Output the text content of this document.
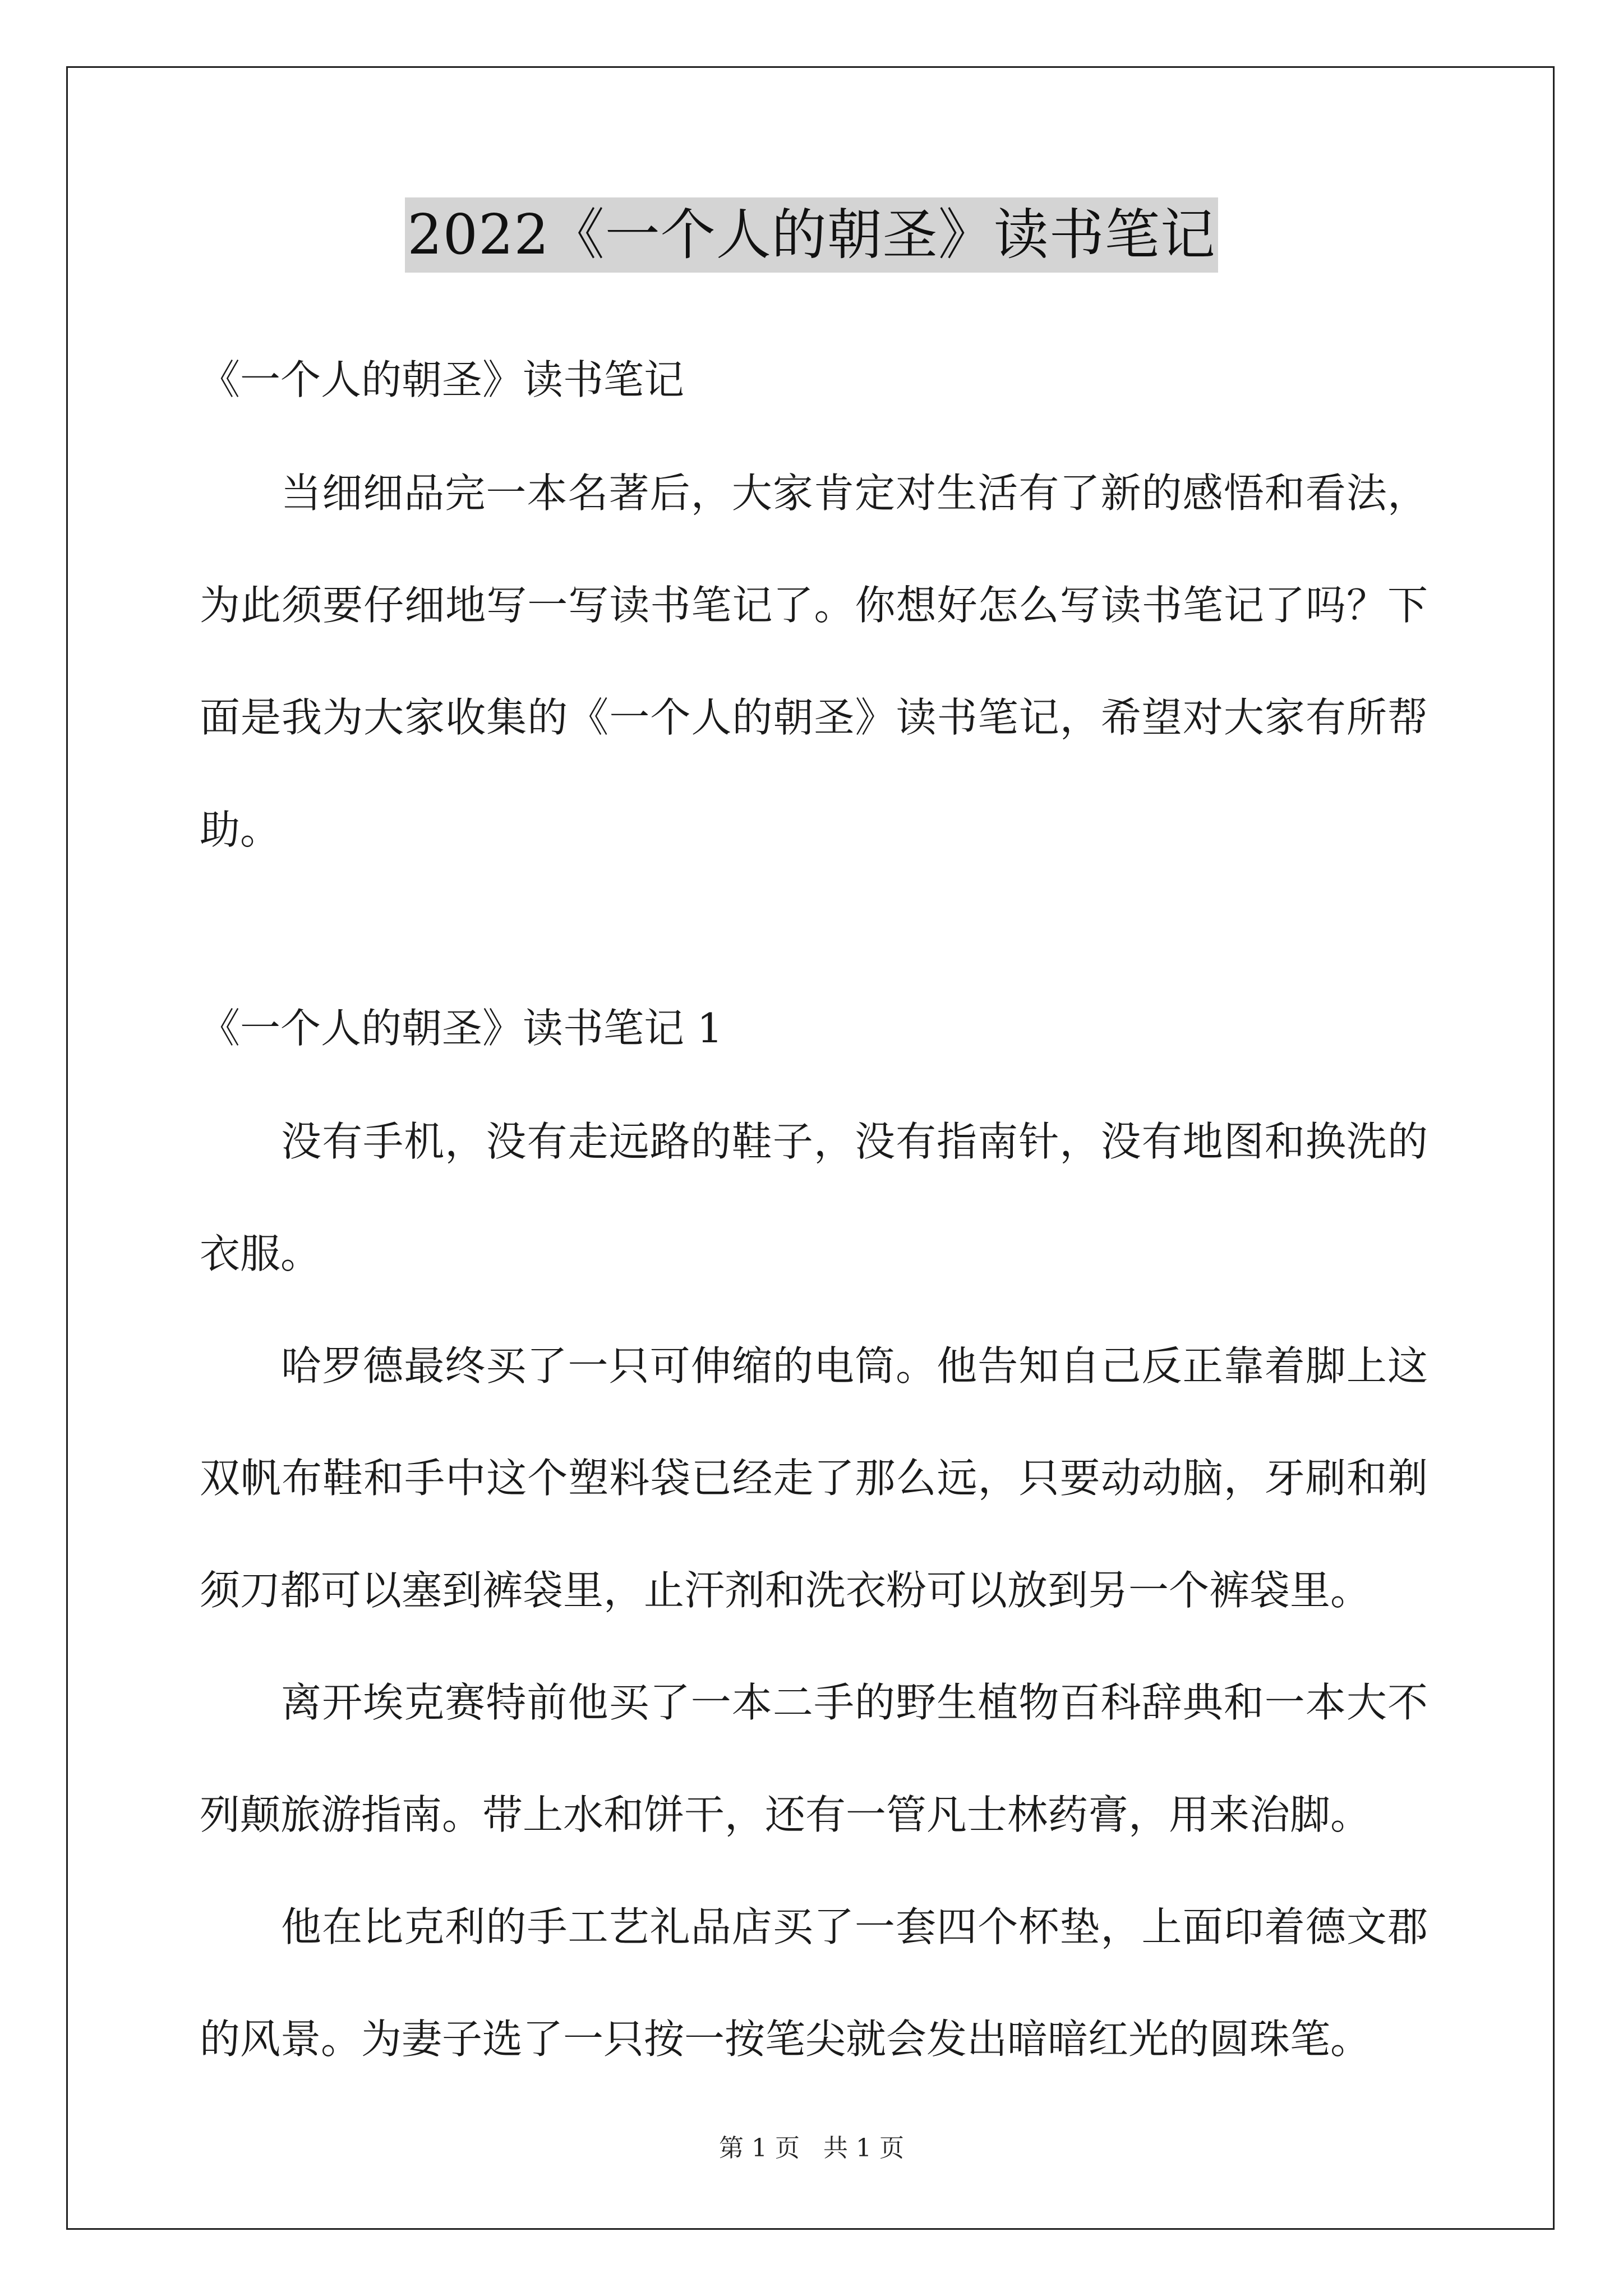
2022《一个人的朝圣》读书笔记
《一个人的朝圣》读书笔记
当细细品完一本名著后，大家肯定对生活有了新的感悟和看法，
为此须要仔细地写一写读书笔记了。你想好怎么写读书笔记了吗？下
面是我为大家收集的《一个人的朝圣》读书笔记，希望对大家有所帮
助。
《一个人的朝圣》读书笔记 1
没有手机，没有走远路的鞋子，没有指南针，没有地图和换洗的
衣服。
哈罗德最终买了一只可伸缩的电筒。他告知自己反正靠着脚上这
双帆布鞋和手中这个塑料袋已经走了那么远，只要动动脑，牙刷和剃
须刀都可以塞到裤袋里，止汗剂和洗衣粉可以放到另一个裤袋里。
离开埃克赛特前他买了一本二手的野生植物百科辞典和一本大不
列颠旅游指南。带上水和饼干，还有一管凡士林药膏，用来治脚。
他在比克利的手工艺礼品店买了一套四个杯垫，上面印着德文郡
的风景。为妻子选了一只按一按笔尖就会发出暗暗红光的圆珠笔。
第 1 页 共 1 页
